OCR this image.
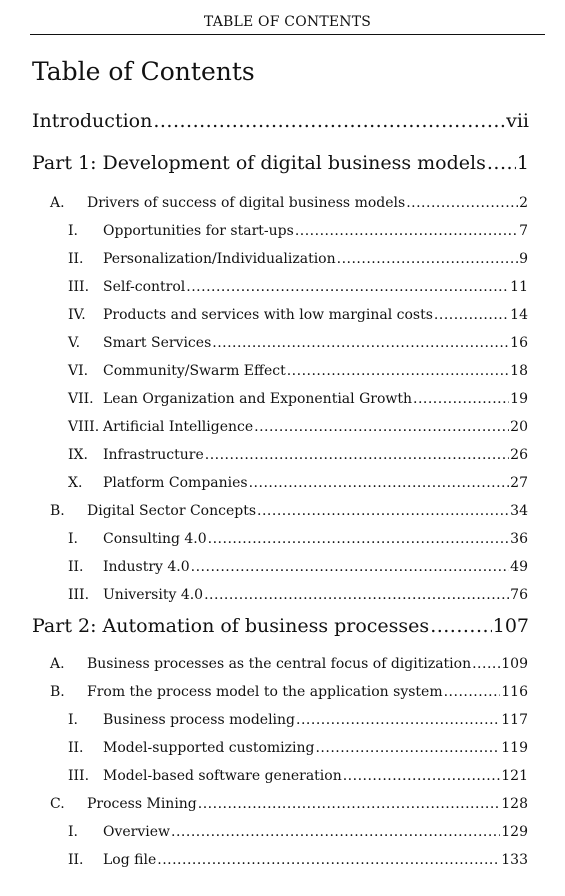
TABLE OF CONTENTS
Table of Contents
Introduction .....	vii
Part 1: Development of digital business models ..... 1
A.	Drivers of success of digital business models .....	2
I.	Opportunities for start-ups .....	7
II.	Personalization/Individualization .....	9
III. Self-control .....	11
IV.	Products and services with low marginal costs .....	14
V.	Smart Services .....	16
VI.	Community/Swarm Effect .....	18
VII. Lean Organization and Exponential Growth .....	19
VIII. Artificial Intelligence .....	20
IX.	Infrastructure .....	26
X.	Platform Companies .....	27
B.	Digital Sector Concepts .....	34
I.	Consulting 4.0 .....	36
II.	Industry 4.0 .....	49
III. University 4.0 .....	76
Part 2: Automation of business processes .....	107
A.	Business processes as the central focus of digitization ..... 109
B.	From the process model to the application system .....	116
I.	Business process modeling .....	117
II.	Model-supported customizing .....	119
III. Model-based software generation .....	121
C.	Process Mining .....	128
I.	Overview .....	129
II.	Log file .....	133
